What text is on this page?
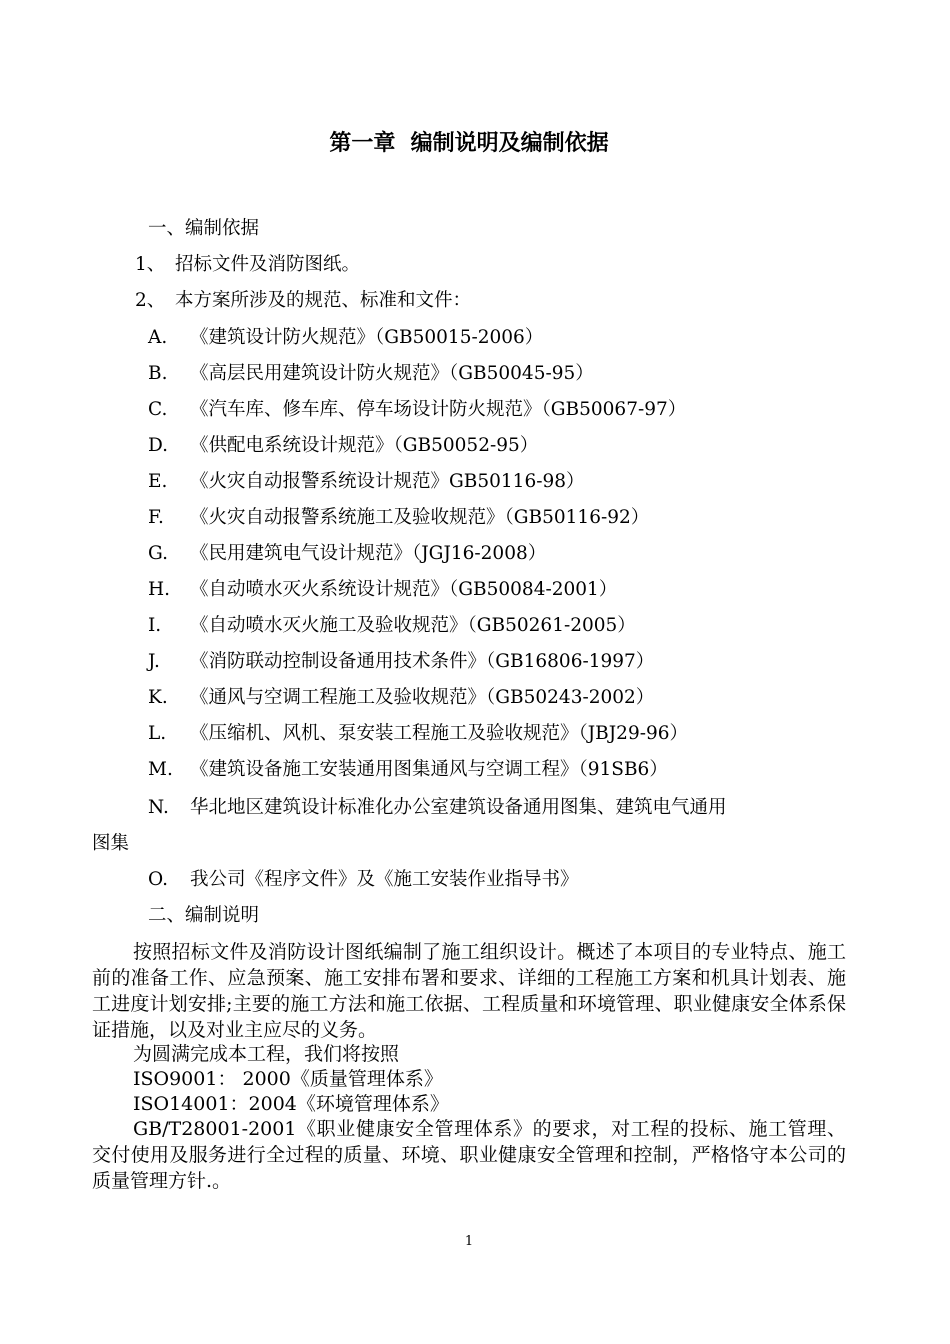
第一章  编制说明及编制依据
一、编制依据
1、 招标文件及消防图纸。
2、 本方案所涉及的规范、标准和文件：
A. 《建筑设计防火规范》（GB50015-2006）
B. 《高层民用建筑设计防火规范》（GB50045-95）
C. 《汽车库、修车库、停车场设计防火规范》（GB50067-97）
D. 《供配电系统设计规范》（GB50052-95）
E. 《火灾自动报警系统设计规范》GB50116-98）
F. 《火灾自动报警系统施工及验收规范》（GB50116-92）
G. 《民用建筑电气设计规范》（JGJ16-2008）
H. 《自动喷水灭火系统设计规范》（GB50084-2001）
I. 《自动喷水灭火施工及验收规范》（GB50261-2005）
J. 《消防联动控制设备通用技术条件》（GB16806-1997）
K. 《通风与空调工程施工及验收规范》（GB50243-2002）
L. 《压缩机、风机、泵安装工程施工及验收规范》（JBJ29-96）
M. 《建筑设备施工安装通用图集通风与空调工程》（91SB6）
N. 华北地区建筑设计标准化办公室建筑设备通用图集、建筑电气通用
图集
O. 我公司《程序文件》及《施工安装作业指导书》
二、编制说明
按照招标文件及消防设计图纸编制了施工组织设计。概述了本项目的专业特点、施工前的准备工作、应急预案、施工安排布署和要求、详细的工程施工方案和机具计划表、施工进度计划安排;主要的施工方法和施工依据、工程质量和环境管理、职业健康安全体系保证措施，以及对业主应尽的义务。
为圆满完成本工程，我们将按照
ISO9001： 2000《质量管理体系》
ISO14001：2004《环境管理体系》
GB/T28001-2001《职业健康安全管理体系》的要求，对工程的投标、施工管理、交付使用及服务进行全过程的质量、环境、职业健康安全管理和控制，严格恪守本公司的质量管理方针.。
1
